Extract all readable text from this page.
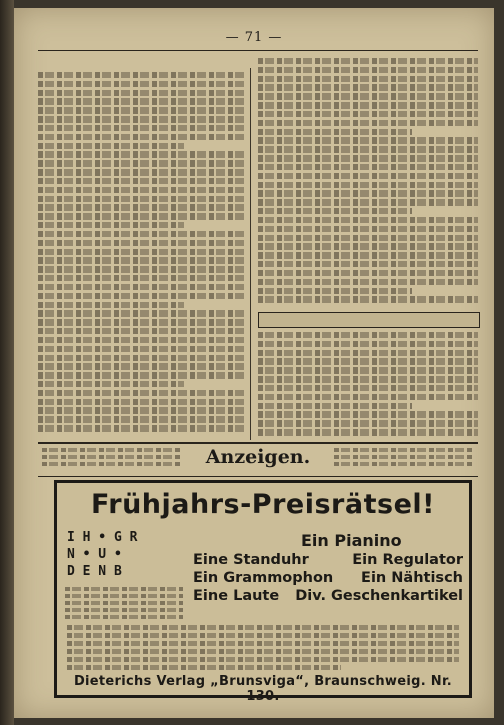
— 71 —
Anzeigen.
Frühjahrs-Preisrätsel!
I H • G R
N • U •
D E N B
Ein Pianino
Eine Standuhr	Ein Regulator
Ein Grammophon Ein Nähtisch
Eine Laute Div. Geschenkartikel
Dieterichs Verlag „Brunsviga“, Braunschweig. Nr. 130.
